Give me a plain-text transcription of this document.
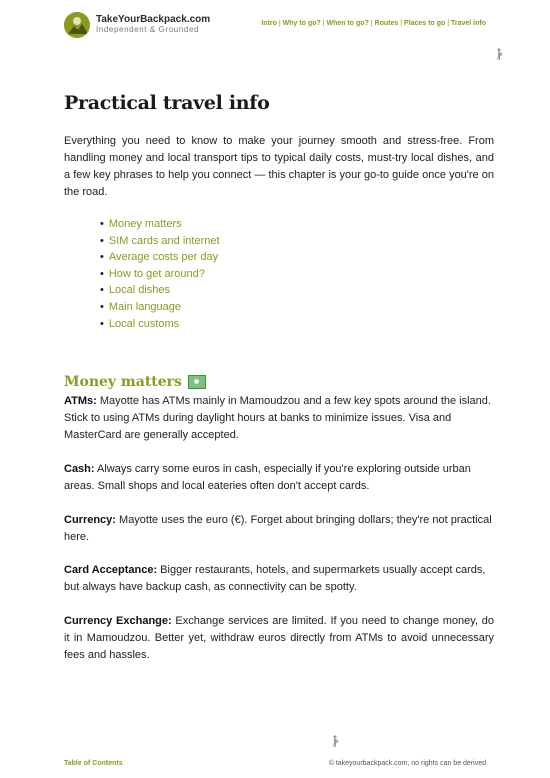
TakeYourBackpack.com
Independent & Grounded
Intro | Why to go? | When to go? | Routes | Places to go | Travel info
Practical travel info

Everything you need to know to make your journey smooth and stress-free. From handling money and local transport tips to typical daily costs, must-try local dishes, and a few key phrases to help you connect — this chapter is your go-to guide once you're on the road.

• Money matters
• SIM cards and internet
• Average costs per day
• How to get around?
• Local dishes
• Main language
• Local customs
Money matters

ATMs: Mayotte has ATMs mainly in Mamoudzou and a few key spots around the island. Stick to using ATMs during daylight hours at banks to minimize issues. Visa and MasterCard are generally accepted.

Cash: Always carry some euros in cash, especially if you're exploring outside urban areas. Small shops and local eateries often don't accept cards.

Currency: Mayotte uses the euro (€). Forget about bringing dollars; they're not practical here.

Card Acceptance: Bigger restaurants, hotels, and supermarkets usually accept cards, but always have backup cash, as connectivity can be spotty.

Currency Exchange: Exchange services are limited. If you need to change money, do it in Mamoudzou. Better yet, withdraw euros directly from ATMs to avoid unnecessary fees and hassles.

Table of Contents	© takeyourbackpack.com, no rights can be derived
